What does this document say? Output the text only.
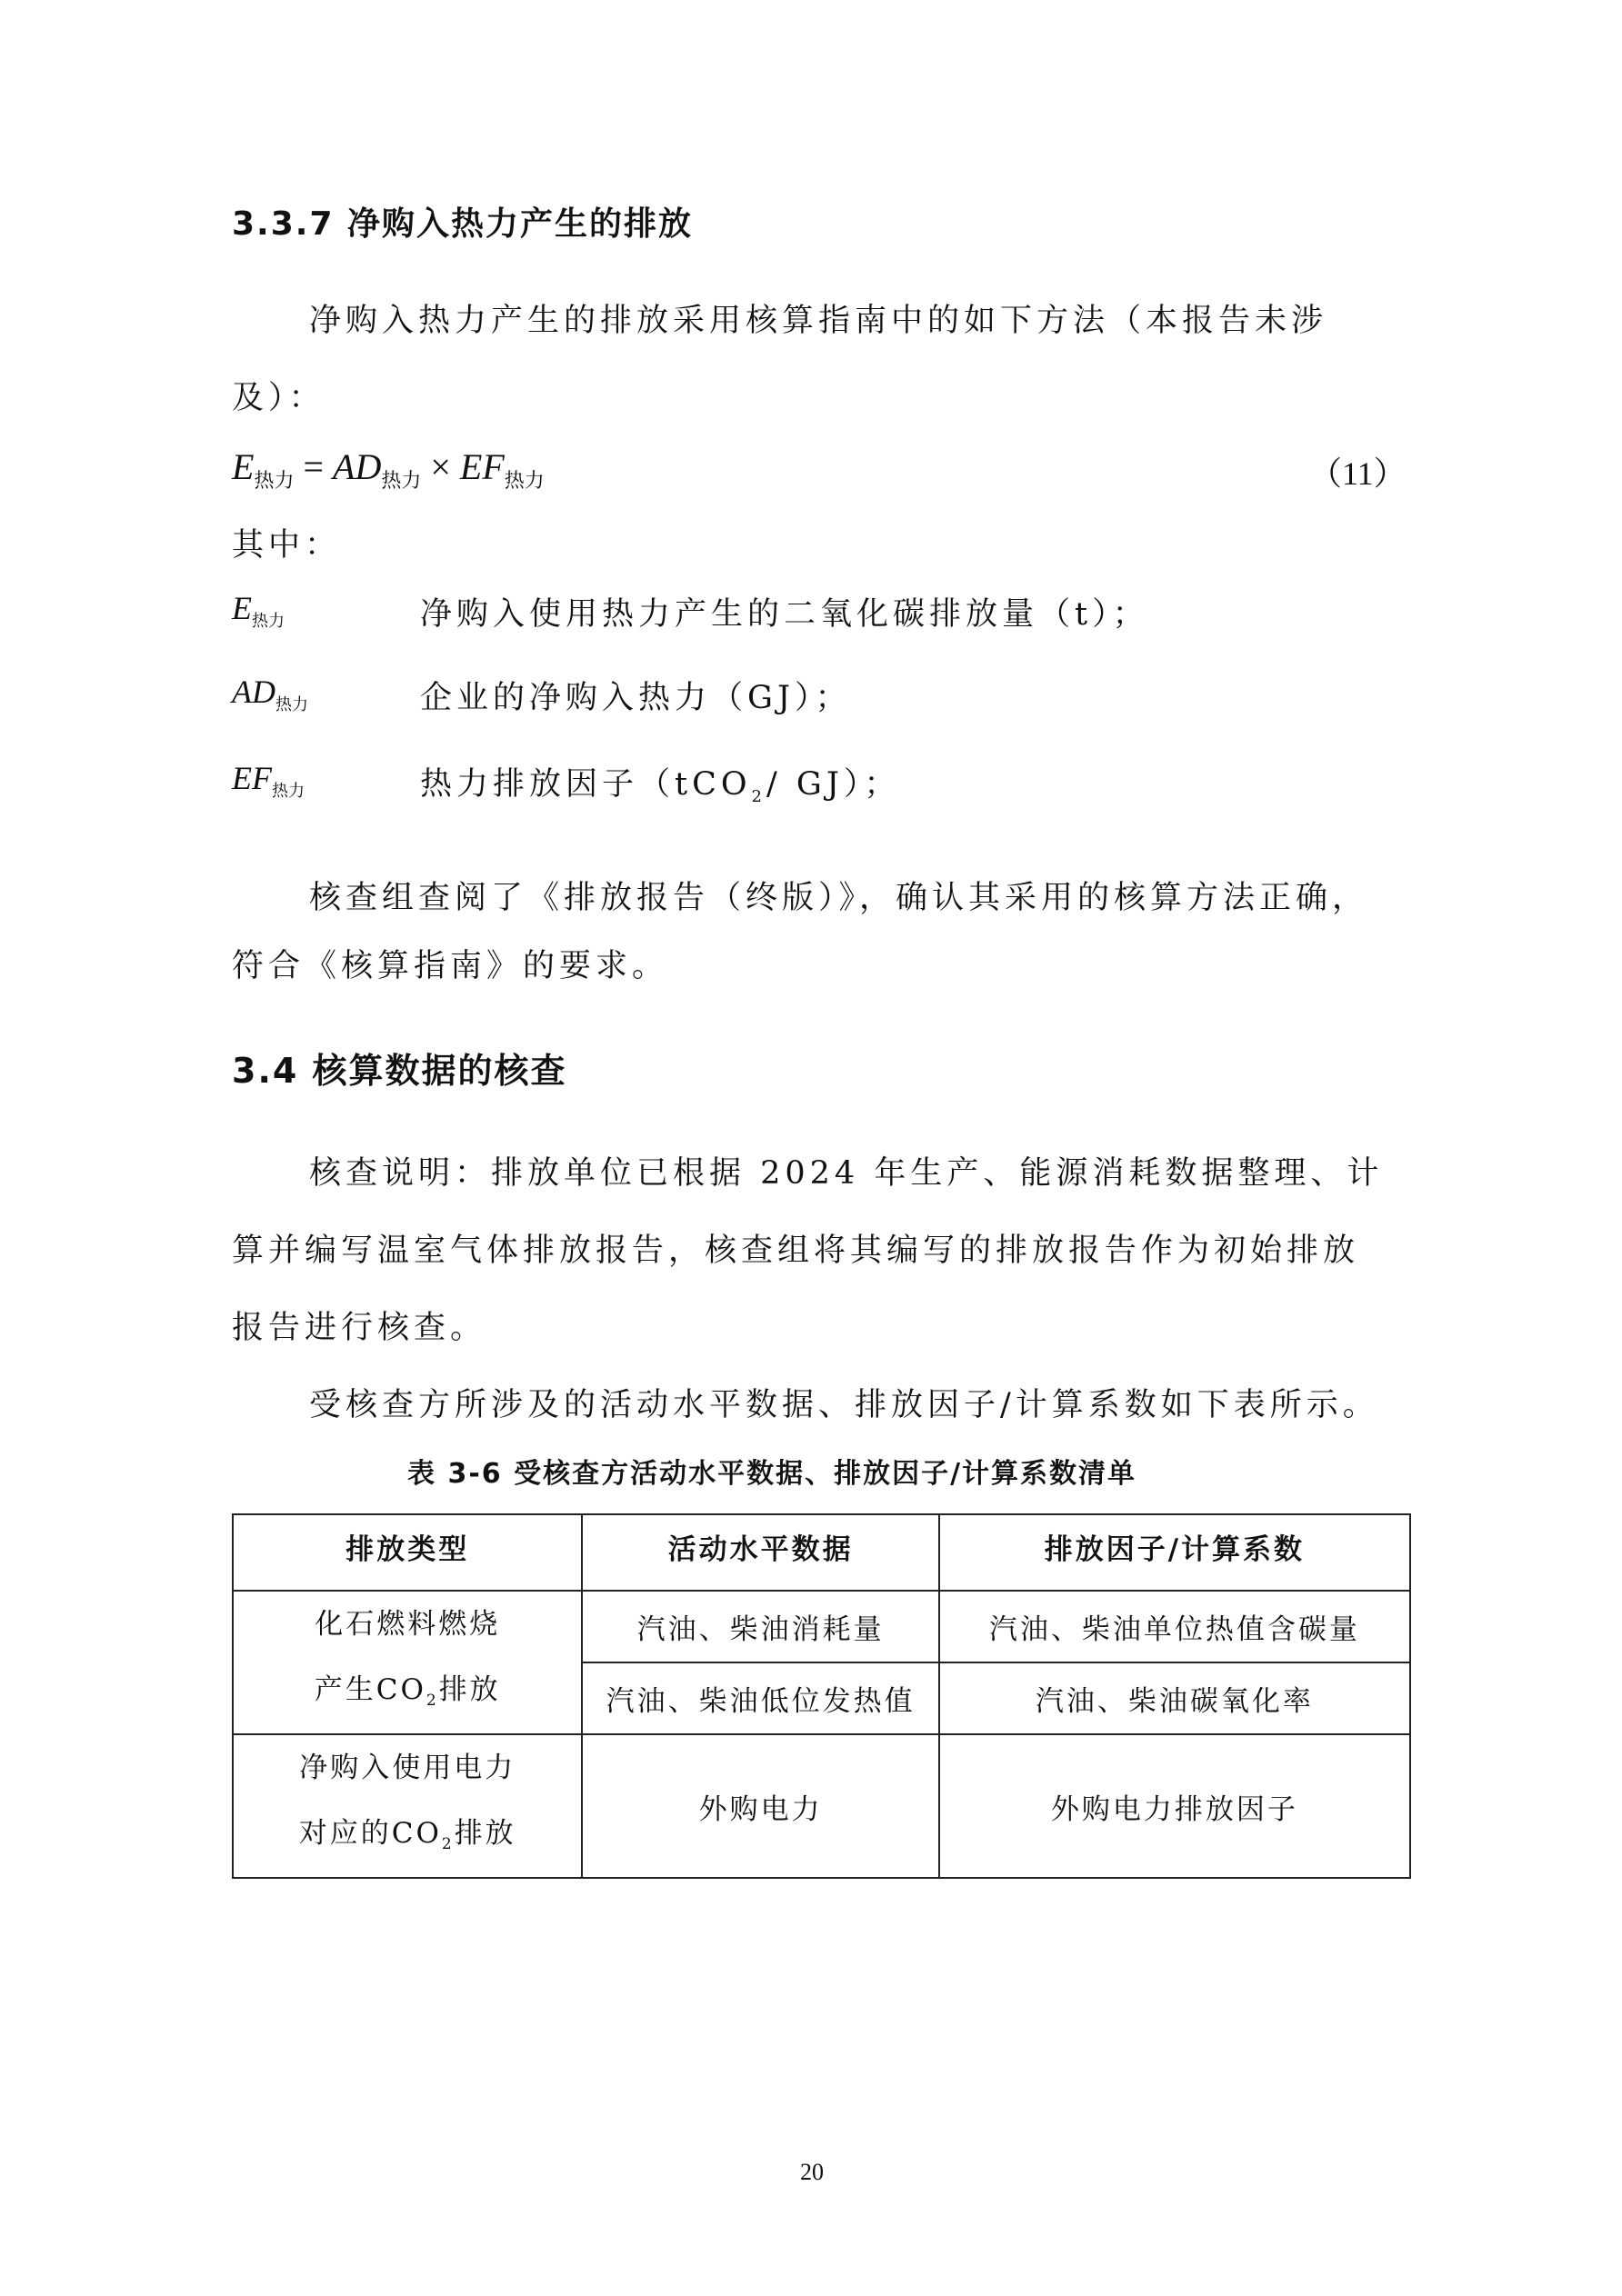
3.3.7 净购入热力产生的排放
净购入热力产生的排放采用核算指南中的如下方法（本报告未涉
及）：
$E_{热力} = AD_{热力} \times EF_{热力}$	（11）
其中：
$E_{热力}$	净购入使用热力产生的二氧化碳排放量（t）；
$AD_{热力}$	企业的净购入热力（GJ）；
$EF_{热力}$	热力排放因子（tCO$_2$/ GJ）；
核查组查阅了《排放报告（终版）》，确认其采用的核算方法正确，
符合《核算指南》的要求。
3.4 核算数据的核查
核查说明：排放单位已根据 2024 年生产、能源消耗数据整理、计
算并编写温室气体排放报告，核查组将其编写的排放报告作为初始排放
报告进行核查。
受核查方所涉及的活动水平数据、排放因子/计算系数如下表所示。
表 3-6 受核查方活动水平数据、排放因子/计算系数清单
排放类型	活动水平数据	排放因子/计算系数

化石燃料燃烧
产生$CO_2$排放	汽油、柴油消耗量	汽油、柴油单位热值含碳量
	汽油、柴油低位发热值	汽油、柴油碳氧化率

净购入使用电力
对应的$CO_2$排放	外购电力	外购电力排放因子
20
